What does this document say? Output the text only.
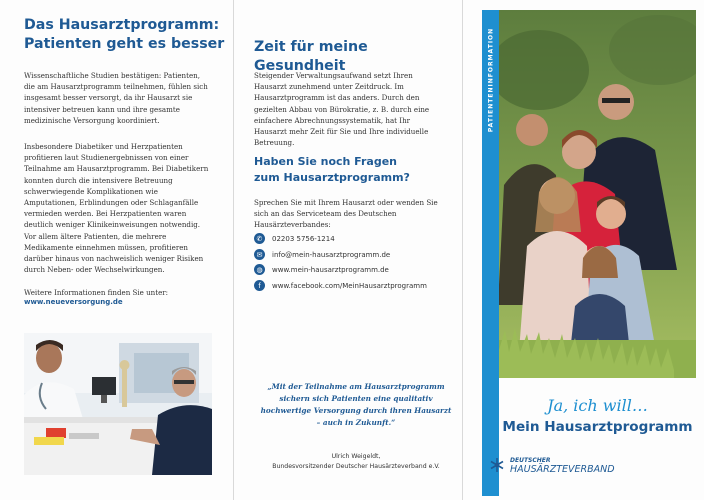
Das Hausarztprogramm:
Patienten geht es besser

Wissenschaftliche Studien bestätigen: Patienten, die am Hausarztprogramm teilnehmen, fühlen sich insgesamt besser versorgt, da ihr Hausarzt sie intensiver betreuen kann und ihre gesamte medizinische Versorgung koordiniert.

Insbesondere Diabetiker und Herzpatienten profitieren laut Studienergebnissen von einer Teilnahme am Hausarztprogramm. Bei Diabetikern konnten durch die intensivere Betreuung schwerwiegende Komplikationen wie Amputationen, Erblindungen oder Schlaganfälle vermieden werden. Bei Herzpatienten waren deutlich weniger Klinikeinweisungen notwendig. Vor allem ältere Patienten, die mehrere Medikamente einnehmen müssen, profitieren darüber hinaus von nachweislich weniger Risiken durch Neben- oder Wechselwirkungen.

Weitere Informationen finden Sie unter:

www.neueversorgung.de
Zeit für meine Gesundheit

Steigender Verwaltungsaufwand setzt Ihren Hausarzt zunehmend unter Zeitdruck. Im Hausarztprogramm ist das anders. Durch den gezielten Abbau von Bürokratie, z. B. durch eine einfachere Abrechnungssystematik, hat Ihr Hausarzt mehr Zeit für Sie und Ihre individuelle Betreuung.

Haben Sie noch Fragen
zum Hausarztprogramm?

Sprechen Sie mit Ihrem Hausarzt oder wenden Sie sich an das Serviceteam des Deutschen Hausärzteverbandes:

✆	02203 5756-1214
✉	info@mein-hausarztprogramm.de
◍	www.mein-hausarztprogramm.de
f	www.facebook.com/MeinHausarztprogramm
„Mit der Teilnahme am Hausarztprogramm sichern sich Patienten eine qualitativ hochwertige Versorgung durch ihren Hausarzt – auch in Zukunft.“
Ulrich Weigeldt,
Bundesvorsitzender Deutscher Hausärzteverband e.V.
PATIENTENINFORMATION
Ja, ich will…
Mein Hausarztprogramm
DEUTSCHER
HAUSÄRZTEVERBAND
